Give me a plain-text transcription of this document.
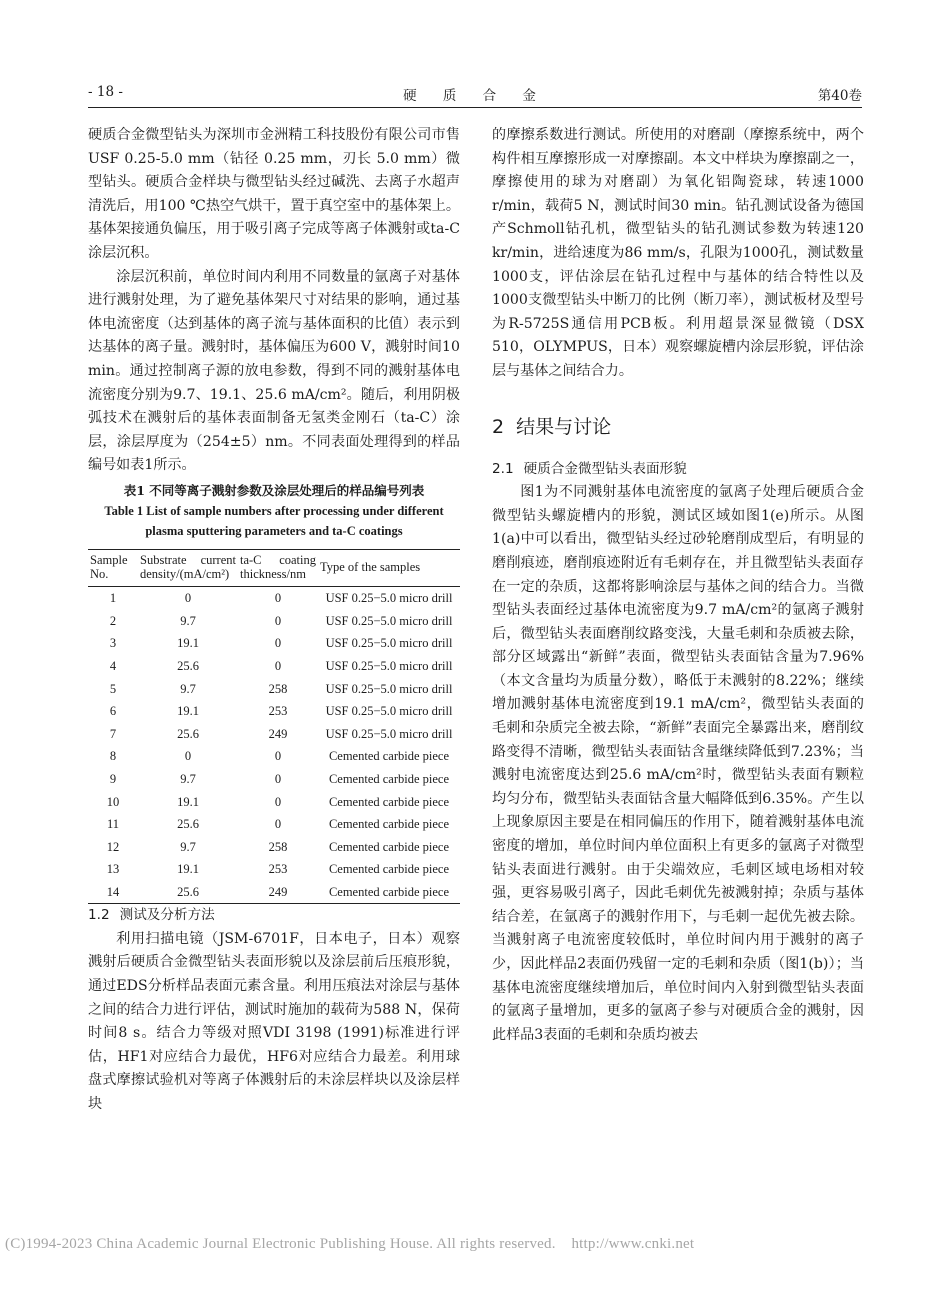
- 18 -	硬 质 合 金	第40卷

硬质合金微型钻头为深圳市金洲精工科技股份有限公司市售 USF 0.25-5.0 mm（钻径 0.25 mm，刃长 5.0 mm）微型钻头。硬质合金样块与微型钻头经过碱洗、去离子水超声清洗后，用100 ℃热空气烘干，置于真空室中的基体架上。基体架接通负偏压，用于吸引离子完成等离子体溅射或ta-C涂层沉积。

涂层沉积前，单位时间内利用不同数量的氩离子对基体进行溅射处理，为了避免基体架尺寸对结果的影响，通过基体电流密度（达到基体的离子流与基体面积的比值）表示到达基体的离子量。溅射时，基体偏压为600 V，溅射时间10 min。通过控制离子源的放电参数，得到不同的溅射基体电流密度分别为9.7、19.1、25.6 mA/cm²。随后，利用阴极弧技术在溅射后的基体表面制备无氢类金刚石（ta-C）涂层，涂层厚度为（254±5）nm。不同表面处理得到的样品编号如表1所示。

表1 不同等离子溅射参数及涂层处理后的样品编号列表
Table 1 List of sample numbers after processing under different plasma sputtering parameters and ta-C coatings
Sample No.	Substrate current density/(mA/cm²)	ta-C coating thickness/nm	Type of the samples
1	0	0	USF 0.25−5.0 micro drill
2	9.7	0	USF 0.25−5.0 micro drill
3	19.1	0	USF 0.25−5.0 micro drill
4	25.6	0	USF 0.25−5.0 micro drill
5	9.7	258	USF 0.25−5.0 micro drill
6	19.1	253	USF 0.25−5.0 micro drill
7	25.6	249	USF 0.25−5.0 micro drill
8	0	0	Cemented carbide piece
9	9.7	0	Cemented carbide piece
10	19.1	0	Cemented carbide piece
11	25.6	0	Cemented carbide piece
12	9.7	258	Cemented carbide piece
13	19.1	253	Cemented carbide piece
14	25.6	249	Cemented carbide piece

1.2 测试及分析方法

利用扫描电镜（JSM-6701F，日本电子，日本）观察溅射后硬质合金微型钻头表面形貌以及涂层前后压痕形貌，通过EDS分析样品表面元素含量。利用压痕法对涂层与基体之间的结合力进行评估，测试时施加的载荷为588 N，保荷时间8 s。结合力等级对照VDI 3198 (1991)标准进行评估，HF1对应结合力最优，HF6对应结合力最差。利用球盘式摩擦试验机对等离子体溅射后的未涂层样块以及涂层样块

的摩擦系数进行测试。所使用的对磨副（摩擦系统中，两个构件相互摩擦形成一对摩擦副。本文中样块为摩擦副之一，摩擦使用的球为对磨副）为氧化铝陶瓷球，转速1000 r/min，载荷5 N，测试时间30 min。钻孔测试设备为德国产Schmoll钻孔机，微型钻头的钻孔测试参数为转速120 kr/min，进给速度为86 mm/s，孔限为1000孔，测试数量1000支，评估涂层在钻孔过程中与基体的结合特性以及1000支微型钻头中断刀的比例（断刀率），测试板材及型号为R-5725S通信用PCB板。利用超景深显微镜（DSX 510，OLYMPUS，日本）观察螺旋槽内涂层形貌，评估涂层与基体之间结合力。

2 结果与讨论

2.1 硬质合金微型钻头表面形貌

图1为不同溅射基体电流密度的氩离子处理后硬质合金微型钻头螺旋槽内的形貌，测试区域如图1(e)所示。从图1(a)中可以看出，微型钻头经过砂轮磨削成型后，有明显的磨削痕迹，磨削痕迹附近有毛刺存在，并且微型钻头表面存在一定的杂质，这都将影响涂层与基体之间的结合力。当微型钻头表面经过基体电流密度为9.7 mA/cm²的氩离子溅射后，微型钻头表面磨削纹路变浅，大量毛刺和杂质被去除，部分区域露出“新鲜”表面，微型钻头表面钴含量为7.96%（本文含量均为质量分数），略低于未溅射的8.22%；继续增加溅射基体电流密度到19.1 mA/cm²，微型钻头表面的毛刺和杂质完全被去除，“新鲜”表面完全暴露出来，磨削纹路变得不清晰，微型钻头表面钴含量继续降低到7.23%；当溅射电流密度达到25.6 mA/cm²时，微型钻头表面有颗粒均匀分布，微型钻头表面钴含量大幅降低到6.35%。产生以上现象原因主要是在相同偏压的作用下，随着溅射基体电流密度的增加，单位时间内单位面积上有更多的氩离子对微型钻头表面进行溅射。由于尖端效应，毛刺区域电场相对较强，更容易吸引离子，因此毛刺优先被溅射掉；杂质与基体结合差，在氩离子的溅射作用下，与毛刺一起优先被去除。当溅射离子电流密度较低时，单位时间内用于溅射的离子少，因此样品2表面仍残留一定的毛刺和杂质（图1(b)）；当基体电流密度继续增加后，单位时间内入射到微型钻头表面的氩离子量增加，更多的氩离子参与对硬质合金的溅射，因此样品3表面的毛刺和杂质均被去

(C)1994-2023 China Academic Journal Electronic Publishing House. All rights reserved.    http://www.cnki.net
